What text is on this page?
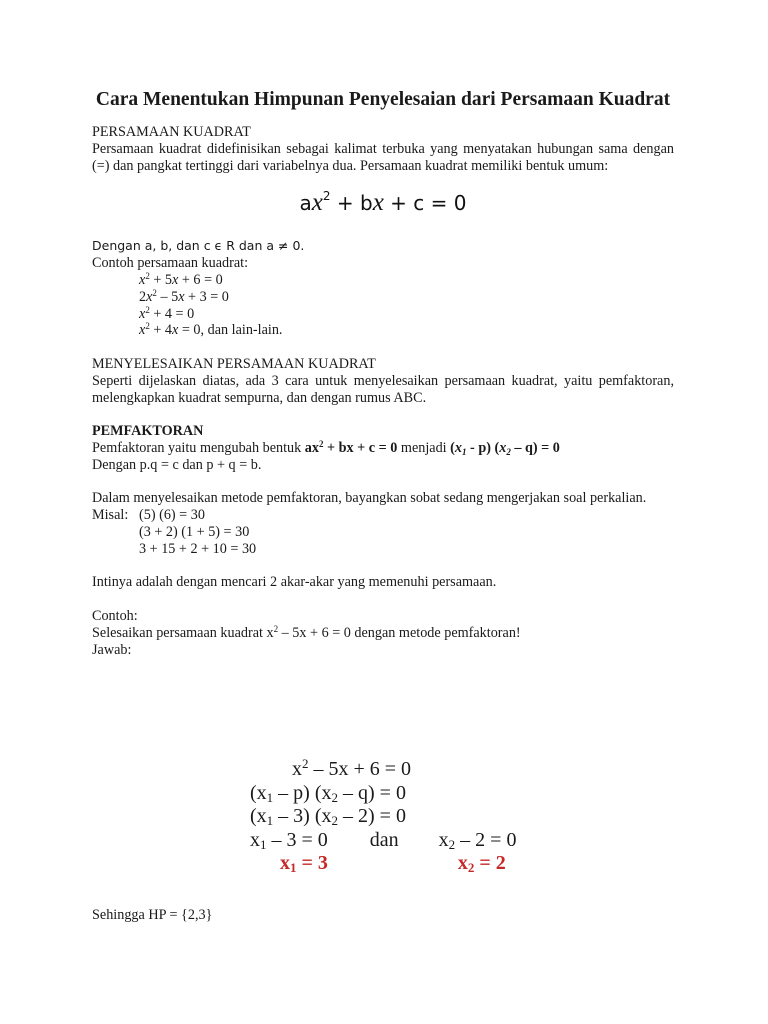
Cara Menentukan Himpunan Penyelesaian dari Persamaan Kuadrat

PERSAMAAN KUADRAT

Persamaan kuadrat didefinisikan sebagai kalimat terbuka yang menyatakan hubungan sama dengan (=) dan pangkat tertinggi dari variabelnya dua. Persamaan kuadrat memiliki bentuk umum:

$ax^2$ + bx + c = 0

Dengan a, b, dan c ϵ R dan a ≠ 0.

Contoh persamaan kuadrat:

$x^2 + 5x + 6 = 0$
$2x^2 - 5x + 3 = 0$
$x^2 + 4 = 0$
$x^2 + 4x = 0$, dan lain-lain.

MENYELESAIKAN PERSAMAAN KUADRAT

Seperti dijelaskan diatas, ada 3 cara untuk menyelesaikan persamaan kuadrat, yaitu pemfaktoran, melengkapkan kuadrat sempurna, dan dengan rumus ABC.

PEMFAKTORAN

Pemfaktoran yaitu mengubah bentuk $ax^2$ + bx + c = 0 menjadi $(x_1 - p)$ $(x_2 - q) = 0$

Dengan p.q = c dan p + q = b.

Dalam menyelesaikan metode pemfaktoran, bayangkan sobat sedang mengerjakan soal perkalian.

Misal: (5) (6) = 30
(3 + 2) (1 + 5) = 30
3 + 15 + 2 + 10 = 30

Intinya adalah dengan mencari 2 akar-akar yang memenuhi persamaan.

Contoh:

Selesaikan persamaan kuadrat $x^2 - 5x + 6 = 0$ dengan metode pemfaktoran!

Jawab:

$x^2 - 5x + 6 = 0$
$(x_1 - p)$ $(x_2 - q) = 0$
$(x_1 - 3)$ $(x_2 - 2) = 0$
$x_1 - 3 = 0$ dan $x_2 - 2 = 0$
$x_1 = 3$	$x_2 = 2$

Sehingga HP = {2,3}
